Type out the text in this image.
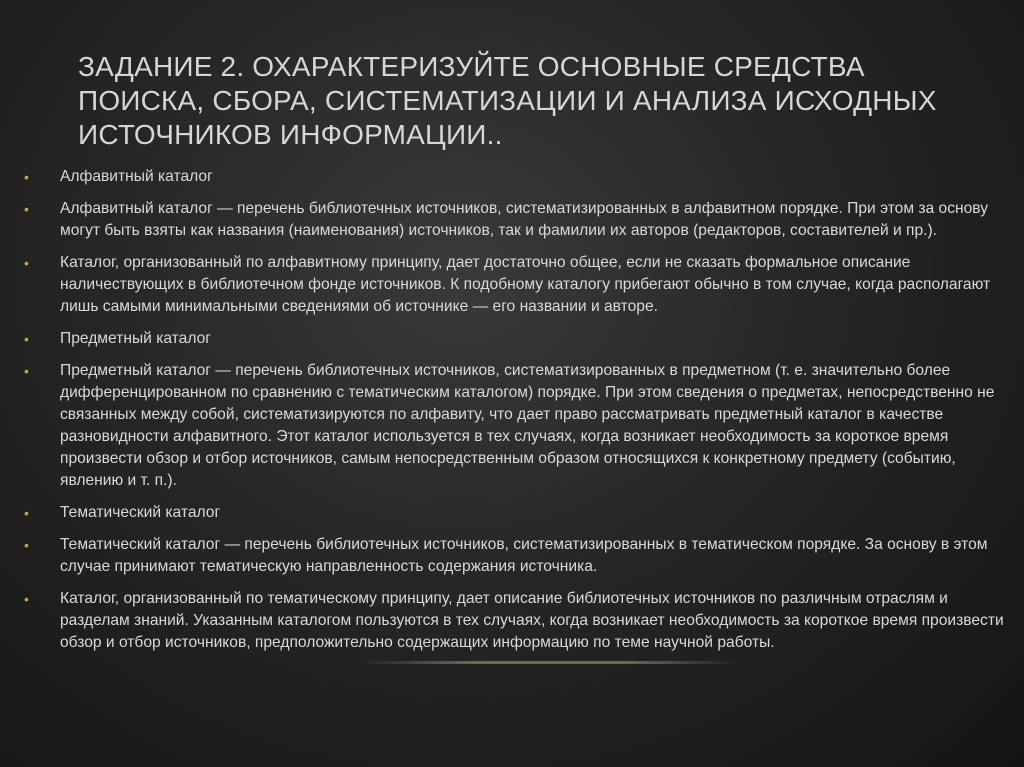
ЗАДАНИЕ 2. ОХАРАКТЕРИЗУЙТЕ ОСНОВНЫЕ СРЕДСТВА ПОИСКА, СБОРА, СИСТЕМАТИЗАЦИИ И АНАЛИЗА ИСХОДНЫХ ИСТОЧНИКОВ ИНФОРМАЦИИ..
• Алфавитный каталог
• Алфавитный каталог — перечень библиотечных источников, систематизированных в алфавитном порядке. При этом за основу могут быть взяты как названия (наименования) источников, так и фамилии их авторов (редакторов, составителей и пр.).
• Каталог, организованный по алфавитному принципу, дает достаточно общее, если не сказать формальное описание наличествующих в библиотечном фонде источников. К подобному каталогу прибегают обычно в том случае, когда располагают лишь самыми минимальными сведениями об источнике — его названии и авторе.
• Предметный каталог
• Предметный каталог — перечень библиотечных источников, систематизированных в предметном (т. е. значительно более дифференцированном по сравнению с тематическим каталогом) порядке. При этом сведения о предметах, непосредственно не связанных между собой, систематизируются по алфавиту, что дает право рассматривать предметный каталог в качестве разновидности алфавитного. Этот каталог используется в тех случаях, когда возникает необходимость за короткое время произвести обзор и отбор источников, самым непосредственным образом относящихся к конкретному предмету (событию, явлению и т. п.).
• Тематический каталог
• Тематический каталог — перечень библиотечных источников, систематизированных в тематическом порядке. За основу в этом случае принимают тематическую направленность содержания источника.
• Каталог, организованный по тематическому принципу, дает описание библиотечных источников по различным отраслям и разделам знаний. Указанным каталогом пользуются в тех случаях, когда возникает необходимость за короткое время произвести обзор и отбор источников, предположительно содержащих информацию по теме научной работы.
